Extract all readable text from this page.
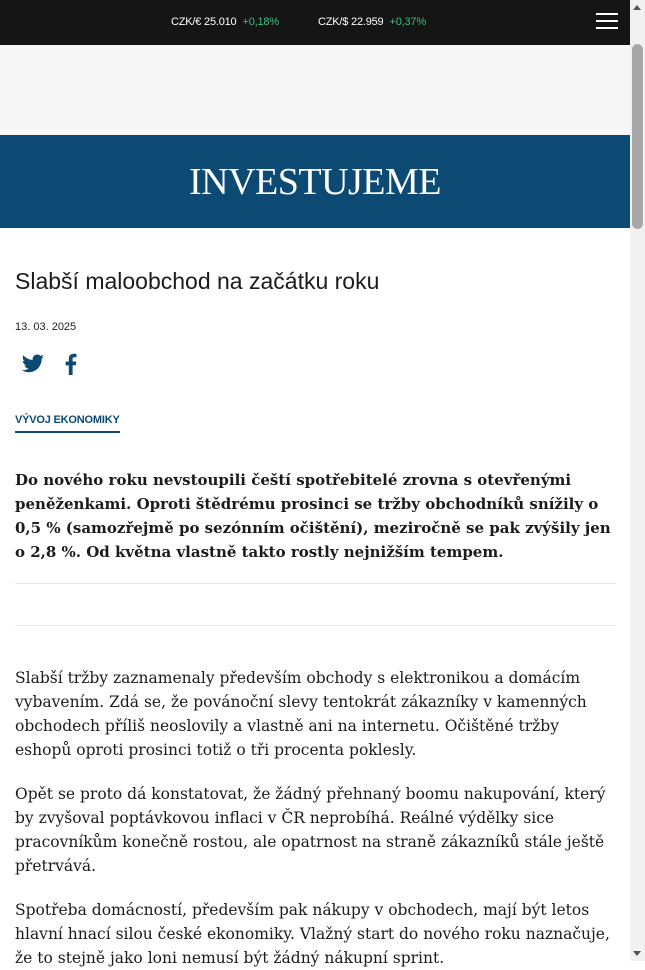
CZK/€ 25.010 +0,18%	CZK/$ 22.959 +0,37%
INVESTUJEME
Slabší maloobchod na začátku roku
13. 03. 2025
VÝVOJ EKONOMIKY

Do nového roku nevstoupili čeští spotřebitelé zrovna s otevřenými peněženkami. Oproti štědrému prosinci se tržby obchodníků snížily o 0,5 % (samozřejmě po sezónním očištění), meziročně se pak zvýšily jen o 2,8 %. Od května vlastně takto rostly nejnižším tempem.

Slabší tržby zaznamenaly především obchody s elektronikou a domácím vybavením. Zdá se, že povánoční slevy tentokrát zákazníky v kamenných obchodech příliš neoslovily a vlastně ani na internetu. Očištěné tržby eshopů oproti prosinci totiž o tři procenta poklesly.

Opět se proto dá konstatovat, že žádný přehnaný boomu nakupování, který by zvyšoval poptávkovou inflaci v ČR neprobíhá. Reálné výdělky sice pracovníkům konečně rostou, ale opatrnost na straně zákazníků stále ještě přetrvává.

Spotřeba domácností, především pak nákupy v obchodech, mají být letos hlavní hnací silou české ekonomiky. Vlažný start do nového roku naznačuje, že to stejně jako loni nemusí být žádný nákupní sprint.
